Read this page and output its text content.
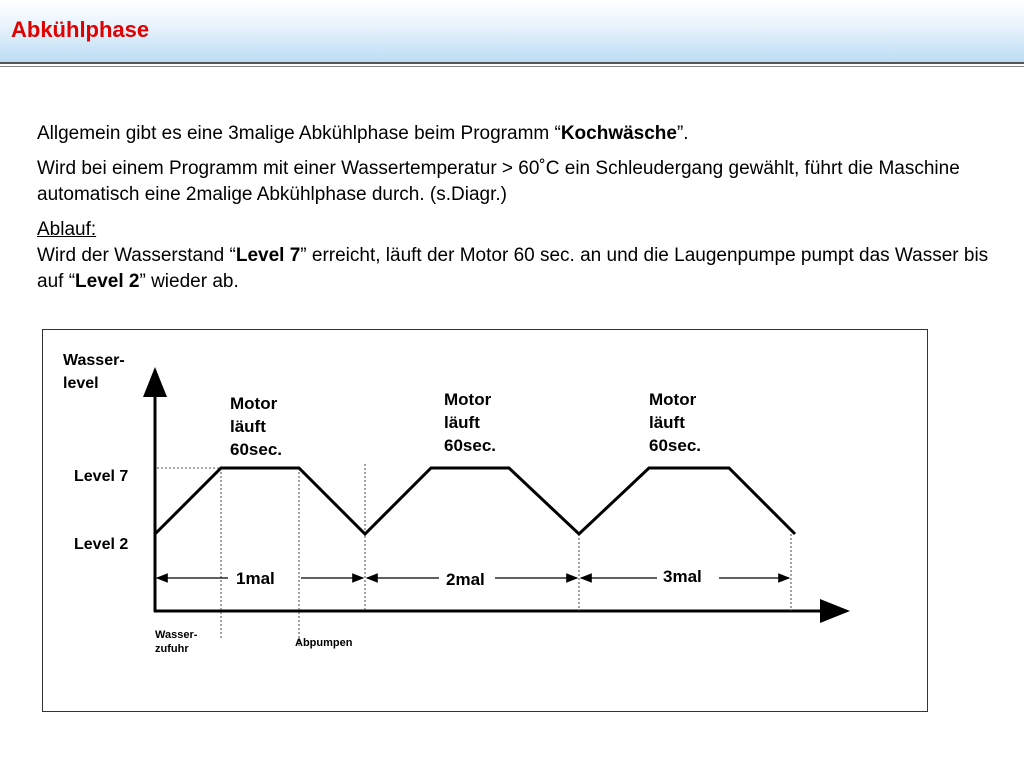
Abkühlphase

Allgemein gibt es eine 3malige Abkühlphase beim Programm “Kochwäsche”.

Wird bei einem Programm mit einer Wassertemperatur > 60˚C ein Schleudergang gewählt, führt die Maschine automatisch eine 2malige Abkühlphase durch. (s.Diagr.)

Ablauf:
Wird der Wasserstand “Level 7” erreicht, läuft der Motor 60 sec. an und die Laugenpumpe pumpt das Wasser bis auf “Level 2” wieder ab.

Wasser-
level
Level 7
Level 2
Motor
läuft
60sec.
Motor
läuft
60sec.
Motor
läuft
60sec.
1mal	2mal	3mal
Wasser-
zufuhr	Abpumpen
